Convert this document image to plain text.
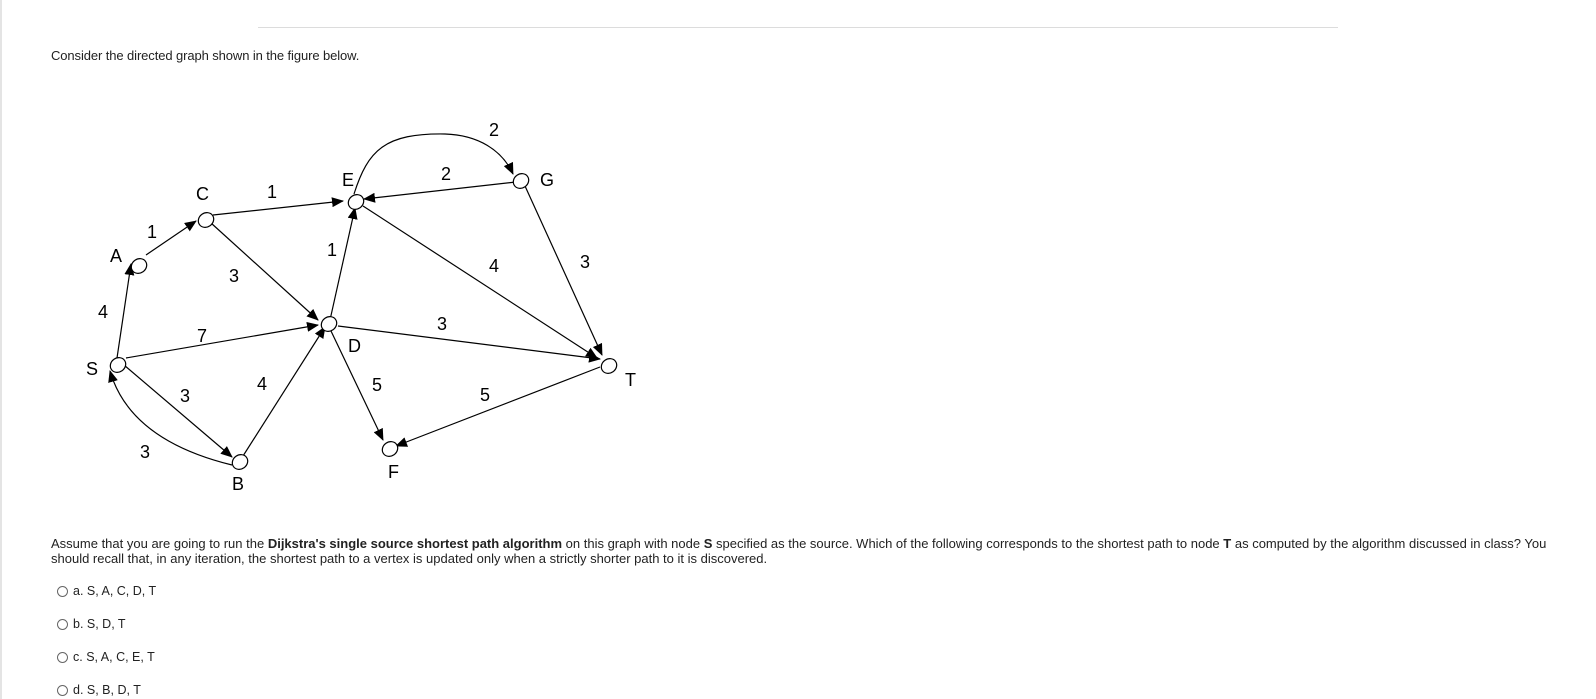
Consider the directed graph shown in the figure below.
S
A
C
E	G
D
B
F
T
4
1
1
3
7
3
3
4
1
2
2
4	3
3
5	5
Assume that you are going to run the Dijkstra's single source shortest path algorithm on this graph with node S specified as the source. Which of the following corresponds to the shortest path to node T as computed by the algorithm discussed in class? You should recall that, in any iteration, the shortest path to a vertex is updated only when a strictly shorter path to it is discovered.
a. S, A, C, D, T
b. S, D, T
c. S, A, C, E, T
d. S, B, D, T
